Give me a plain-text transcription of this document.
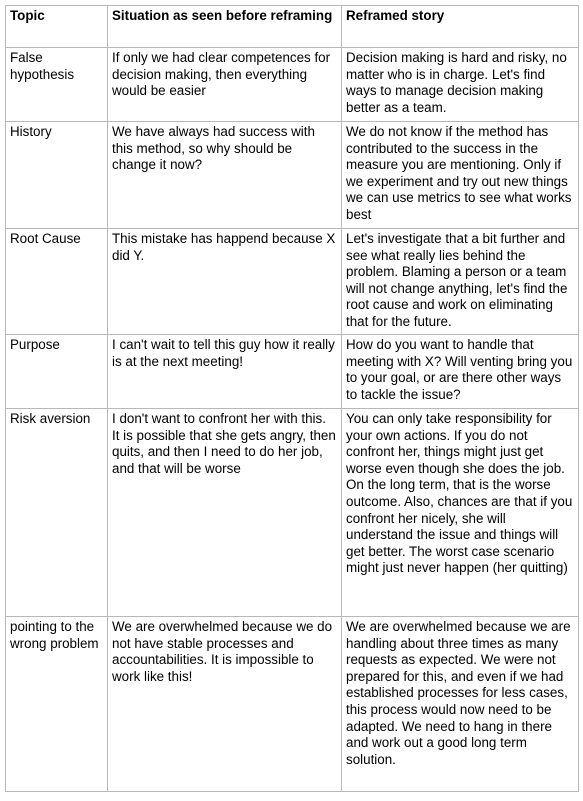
Topic	Situation as seen before reframing	Reframed story
False hypothesis	If only we had clear competences for decision making, then everything would be easier	Decision making is hard and risky, no matter who is in charge. Let's find ways to manage decision making better as a team.
History	We have always had success with this method, so why should be change it now?	We do not know if the method has contributed to the success in the measure you are mentioning. Only if we experiment and try out new things we can use metrics to see what works best
Root Cause	This mistake has happend because X did Y.	Let's investigate that a bit further and see what really lies behind the problem. Blaming a person or a team will not change anything, let's find the root cause and work on eliminating that for the future.
Purpose	I can't wait to tell this guy how it really is at the next meeting!	How do you want to handle that meeting with X? Will venting bring you to your goal, or are there other ways to tackle the issue?
Risk aversion	I don't want to confront her with this. It is possible that she gets angry, then quits, and then I need to do her job, and that will be worse	You can only take responsibility for your own actions. If you do not confront her, things might just get worse even though she does the job. On the long term, that is the worse outcome. Also, chances are that if you confront her nicely, she will understand the issue and things will get better. The worst case scenario might just never happen (her quitting)
pointing to the wrong problem	We are overwhelmed because we do not have stable processes and accountabilities. It is impossible to work like this!	We are overwhelmed because we are handling about three times as many requests as expected. We were not prepared for this, and even if we had established processes for less cases, this process would now need to be adapted. We need to hang in there and work out a good long term solution.
